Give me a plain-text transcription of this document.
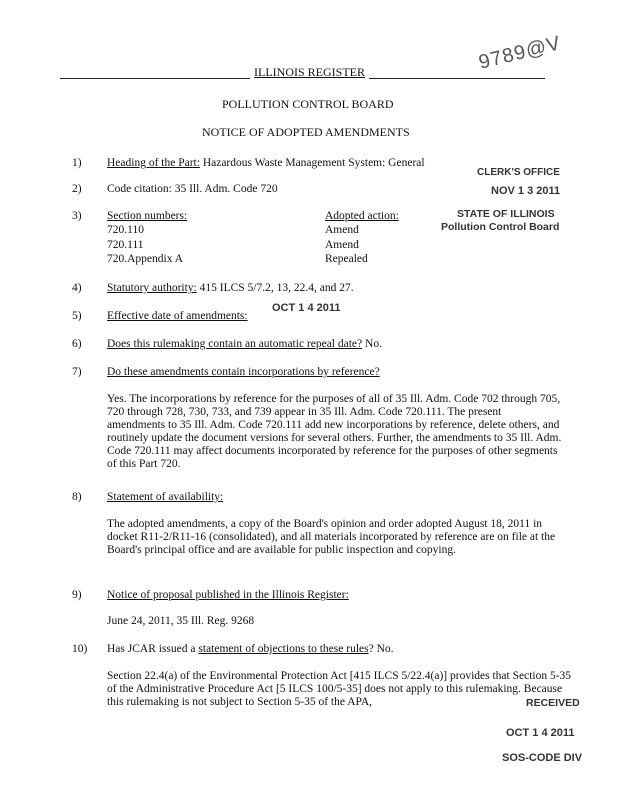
9789@V
ILLINOIS REGISTER
POLLUTION CONTROL BOARD
NOTICE OF ADOPTED AMENDMENTS
NOV 1 3 2011
CLERK'S OFFICE
STATE OF ILLINOIS
Pollution Control Board
1)	Heading of the Part: Hazardous Waste Management System: General
2)	Code citation: 35 Ill. Adm. Code 720
3)	Section numbers:	Adopted action:
720.110	Amend
720.111	Amend
720.Appendix A	Repealed
4)	Statutory authority: 415 ILCS 5/7.2, 13, 22.4, and 27.
5)	Effective date of amendments:
OCT 1 4 2011
6)	Does this rulemaking contain an automatic repeal date? No.
7)	Do these amendments contain incorporations by reference?
Yes. The incorporations by reference for the purposes of all of 35 Ill. Adm. Code 702 through 705, 720 through 728, 730, 733, and 739 appear in 35 Ill. Adm. Code 720.111. The present amendments to 35 Ill. Adm. Code 720.111 add new incorporations by reference, delete others, and routinely update the document versions for several others. Further, the amendments to 35 Ill. Adm. Code 720.111 may affect documents incorporated by reference for the purposes of other segments of this Part 720.
8)	Statement of availability:
The adopted amendments, a copy of the Board's opinion and order adopted August 18, 2011 in docket R11-2/R11-16 (consolidated), and all materials incorporated by reference are on file at the Board's principal office and are available for public inspection and copying.
9)	Notice of proposal published in the Illinois Register:
June 24, 2011, 35 Ill. Reg. 9268
10)	Has JCAR issued a statement of objections to these rules? No.
Section 22.4(a) of the Environmental Protection Act [415 ILCS 5/22.4(a)] provides that Section 5-35 of the Administrative Procedure Act [5 ILCS 100/5-35] does not apply to this rulemaking. Because this rulemaking is not subject to Section 5-35 of the APA,	RECEIVED
OCT 1 4 2011
SOS-CODE DIV
